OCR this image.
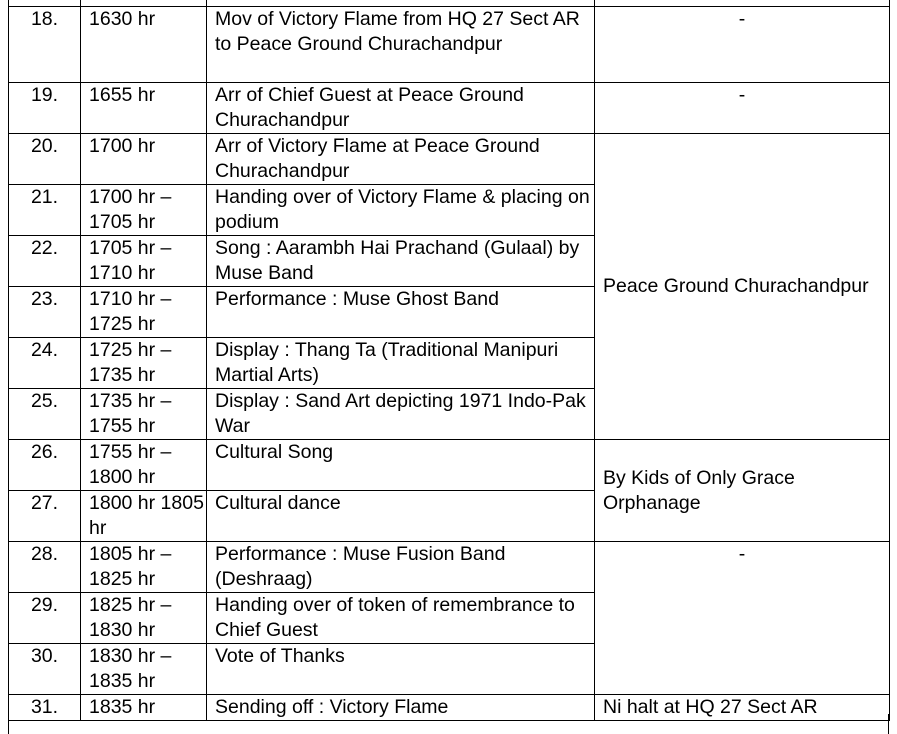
18.	1630 hr	Mov of Victory Flame from HQ 27 Sect AR to Peace Ground Churachandpur	-
19.	1655 hr	Arr of Chief Guest at Peace Ground Churachandpur	-
20.	1700 hr	Arr of Victory Flame at Peace Ground Churachandpur	Peace Ground Churachandpur
21.	1700 hr – 1705 hr	Handing over of Victory Flame & placing on podium	
22.	1705 hr – 1710 hr	Song : Aarambh Hai Prachand (Gulaal) by Muse Band	
23.	1710 hr – 1725 hr	Performance : Muse Ghost Band	
24.	1725 hr – 1735 hr	Display : Thang Ta (Traditional Manipuri Martial Arts)	
25.	1735 hr – 1755 hr	Display : Sand Art depicting 1971 Indo-Pak War	
26.	1755 hr – 1800 hr	Cultural Song	By Kids of Only Grace Orphanage
27.	1800 hr 1805 hr	Cultural dance	
28.	1805 hr – 1825 hr	Performance : Muse Fusion Band (Deshraag)	-
29.	1825 hr – 1830 hr	Handing over of token of remembrance to Chief Guest	
30.	1830 hr – 1835 hr	Vote of Thanks	
31.	1835 hr	Sending off : Victory Flame	Ni halt at HQ 27 Sect AR
